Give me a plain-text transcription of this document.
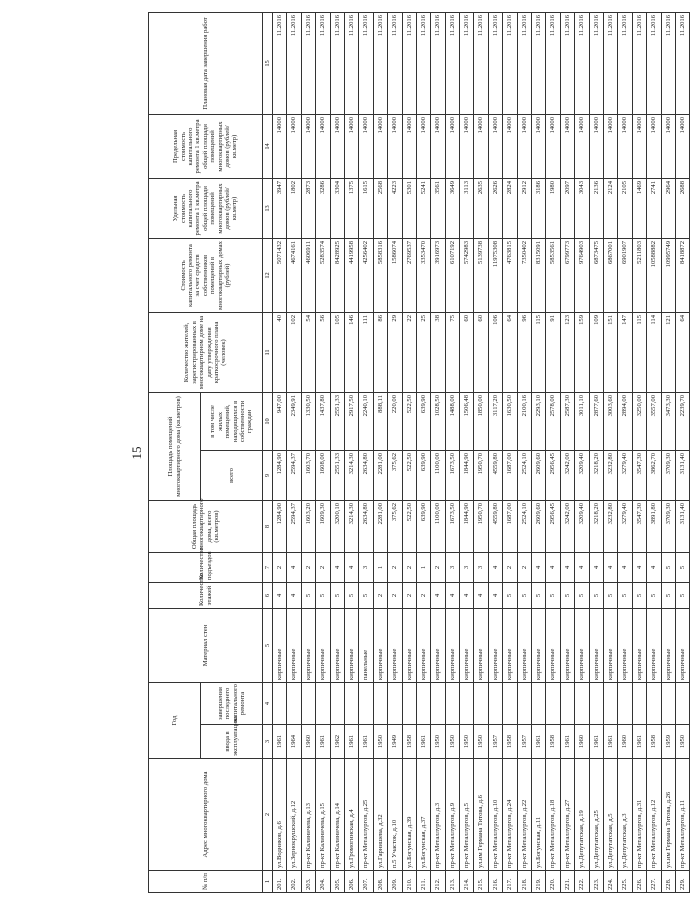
15
№ п/п	Адрес многоквартирного дома	Год		Материал стен	Количество этажей	Количество подъездов	Общая площадь многоквартирного дома, всего (кв.метров)	Площадь помещений многоквартирного дома (кв.метров)		Количество жителей, зарегистрированных в многоквартирном доме на дату утверждения краткосрочного плана (человек)	Стоимость капитального ремонта за счет средств собственников помещений в многоквартирных домах (рублей)	Удельная стоимость капитального ремонта 1 кв.метра общей площади помещений многоквартирных домов (рублей/кв.метр)	Предельная стоимость капитального ремонта 1 кв.метра общей площади помещений многоквартирных домов (рублей/кв.метр)	Плановая дата завершения работ
		ввода в эксплуатацию	завершения последнего капитального ремонта					всего	в том числе жилых помещений, находящихся в собственности граждан					
1	2	3	4	5	6	7	8	9	10	11	12	13	14	15
201.	ул.Водников, д.6	1961		кирпичные	4	2	1284,90	1284,90	947,00	40	5071432	3947	14000	11.2016
202.	ул.Зернокрушский, д.12	1964		кирпичные	4	4	2594,37	2594,37	2349,91	102	4674161	1802	14000	11.2016
203.	пр-кт Калиничева, д.13	1960		кирпичные	5	2	1603,20	1603,70	1330,50	54	4606911	2873	14000	11.2016
204.	пр-кт Калиничева, д.15	1961		кирпичные	5	2	1609,30	1608,00	1437,80	56	5283574	3286	14000	11.2016
205.	пр-кт Калиничева, д.14	1962		кирпичные	5	4	3200,10	2551,33	2551,33	105	8428925	3304	14000	11.2016
206.	ул.Громогинская, д.4	1961		кирпичные	5	4	3214,30	3214,30	2917,50	146	4419958	1375	14000	11.2016
207.	пр-кт Металлургов, д.25	1961		панельные	5	3	2634,80	2634,80	2240,10	111	4256402	1615	14000	11.2016
208.	ул.Гарнишева, д.32	1950		кирпичные	2	1	2281,00	2281,00	888,11	86	5858316	2568	14000	11.2016
209.	п.5 Участок, д.10	1949		кирпичные	2	2	375,62	375,62	220,00	29	1586074	4223	14000	11.2016
210.	ул.Богунская, д.39	1958		кирпичные	2	2	522,50	522,50	522,50	22	2769537	5301	14000	11.2016
211.	ул.Богунская, д.37	1961		кирпичные	2	1	639,90	639,90	639,90	25	3353470	5241	14000	11.2016
212.	пр-кт Металлургов, д.3	1950		кирпичные	4	2	1100,00	1100,00	1028,50	38	3916973	3561	14000	11.2016
213.	пр-кт Металлургов, д.9	1950		кирпичные	4	3	1673,50	1673,50	1488,00	75	6107192	3649	14000	11.2016
214.	пр-кт Металлургов, д.5	1950		кирпичные	4	3	1844,90	1844,90	1506,48	60	5742983	3113	14000	11.2016
215.	ул.им Германа Титова, д.6	1950		кирпичные	4	3	1950,70	1950,70	1850,00	60	5139738	2635	14000	11.2016
216.	пр-кт Металлургов, д.10	1957		кирпичные	4	4	4559,80	4559,80	3117,20	106	11975308	2626	14000	11.2016
217.	пр-кт Металлургов, д.24	1958		кирпичные	5	2	1687,00	1687,00	1630,50	64	4763815	2824	14000	11.2016
218.	пр-кт Металлургов, д.22	1957		кирпичные	5	2	2524,10	2524,10	2100,16	96	7350402	2912	14000	11.2016
219.	ул.Богунская, д.11	1961		кирпичные	5	4	2609,60	2609,60	2293,10	115	8315091	3186	14000	11.2016
220.	пр-кт Металлургов, д.18	1958		кирпичные	5	4	2956,45	2956,45	2578,00	91	5853561	1980	14000	11.2016
221.	пр-кт Металлургов, д.27	1961		кирпичные	5	4	3242,00	3242,00	2587,30	123	6799773	2097	14000	11.2016
222.	ул.Депутатская, д.19	1960		кирпичные	5	4	3209,40	3209,40	3011,10	159	9764903	3043	14000	11.2016
223.	ул.Депутатская, д.25	1961		кирпичные	5	4	3218,20	3218,20	2877,60	109	6873475	2136	14000	11.2016
224.	ул.Депутатская, д.5	1961		кирпичные	5	4	3232,80	3232,80	3003,60	151	6867001	2124	14000	11.2016
225.	ул.Депутатская, д.3	1960		кирпичные	5	4	3279,40	3279,40	2894,00	147	6901907	2105	14000	11.2016
226.	пр-кт Металлургов, д.31	1961		кирпичные	5	4	3547,30	3547,30	3250,00	115	5211803	1469	14000	11.2016
227.	пр-кт Металлургов, д.12	1958		кирпичные	5	4	3891,80	3862,70	3557,00	114	10588882	2741	14000	11.2016
228.	ул.им Германа Титова, д.26	1959		кирпичные	5	5	3709,30	3709,30	3473,30	121	10995749	2964	14000	11.2016
229.	пр-кт Металлургов, д.11	1950		кирпичные	5	5	3131,40	3131,40	2239,70	64	8418872	2688	14000	11.2016
